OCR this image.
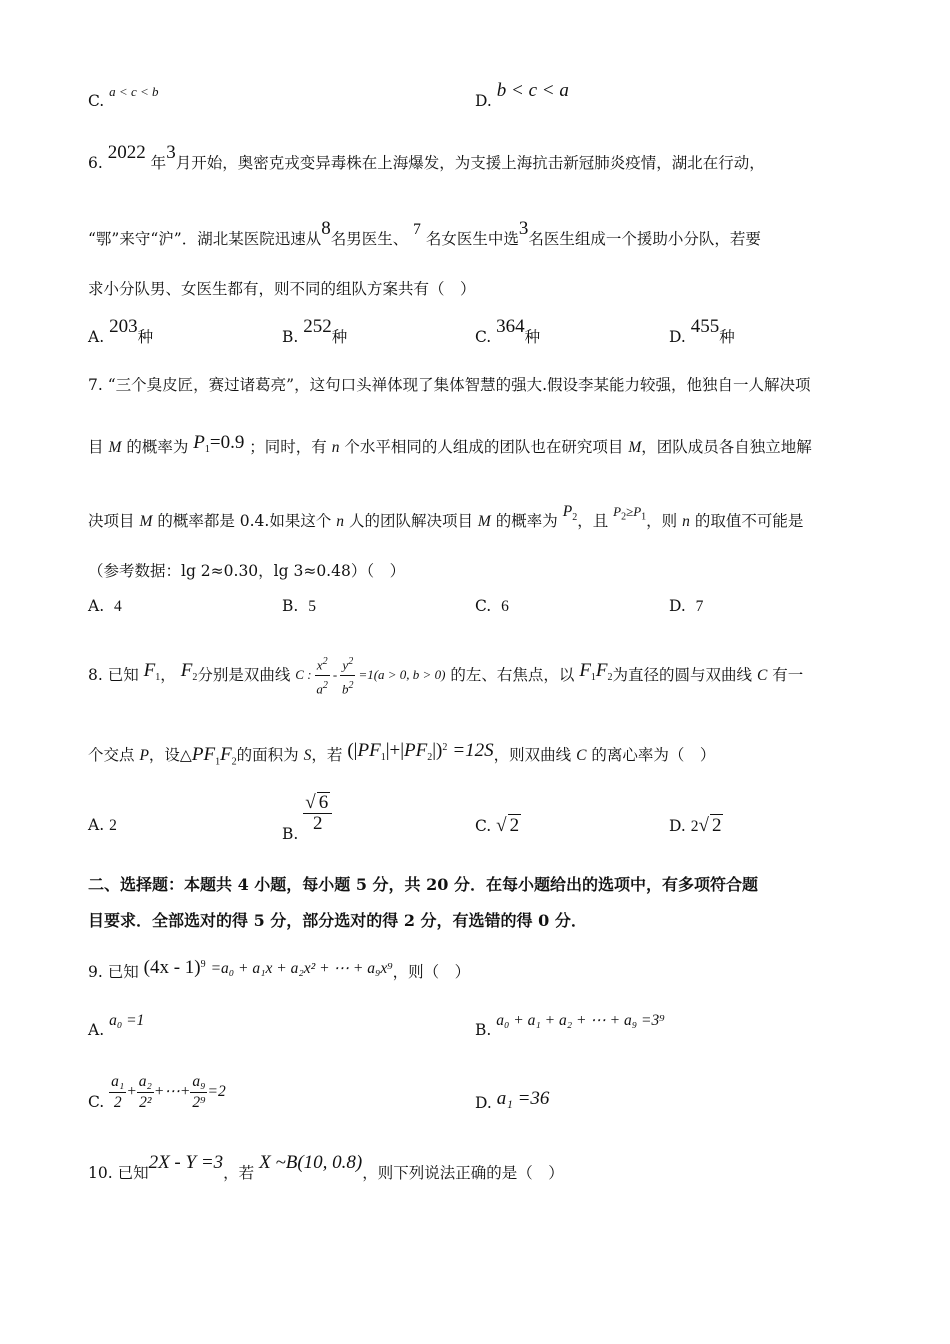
C. $^{a < c < b}$
D. b < c < a
6. 2022 年3月开始，奥密克戎变异毒株在上海爆发，为支援上海抗击新冠肺炎疫情，湖北在行动，
“鄂”来守“沪”．湖北某医院迅速从8名男医生、 7 名女医生中选3名医生组成一个援助小分队，若要
求小分队男、女医生都有，则不同的组队方案共有（　）
A. 203种	B. 252种	C. 364种	D. 455种
7. “三个臭皮匠，赛过诸葛亮”，这句口头禅体现了集体智慧的强大.假设李某能力较强，他独自一人解决项
目 M 的概率为 $P_1=0.9$ ；同时，有 n 个水平相同的人组成的团队也在研究项目 M，团队成员各自独立地解
决项目 M 的概率都是 0.4.如果这个 n 人的团队解决项目 M 的概率为 $P_2$，且 $^{P_2\ge P_1}$，则 n 的取值不可能是
（参考数据：lg 2≈0.30，lg 3≈0.48）（　）
A. 4	B. 5	C. 6	D. 7
8. 已知 $F_1$， $F_2$分别是双曲线 C : $\frac{x^2}{a^2} - \frac{y^2}{b^2} =1(a > 0$, b > 0) 的左、右焦点，以 $F_1F_2$为直径的圆与双曲线 C 有一
个交点 P，设$\triangle PF_1F_2$的面积为 S，若 $(|PF_1|+|PF_2|)^2 =12S$，则双曲线 C 的离心率为（　）
A. 2	B. $\frac{√ 6}{2}$	C. √ 2	D. 2√ 2
二、选择题：本题共 4 小题，每小题 5 分，共 20 分．在每小题给出的选项中，有多项符合题
目要求．全部选对的得 5 分，部分选对的得 2 分，有选错的得 0 分．
9. 已知 (4x - 1)$^9$ =a₀ + a₁x + a₂x² + ⋯ + a₉x⁹，则（　）
A. a₀ =1
B. a₀ + a₁ + a₂ + ⋯ + a₉ =3⁹
C. $\frac{\text{a₁}}{2} + \frac{\text{a₂}}{\text{2²}}$ +⋯+ $\frac{\text{a₉}}{\text{2⁹}} =2$
D. a₁ =36
10. 已知2X - Y =3，若 X ~B(10, 0.8)，则下列说法正确的是（　）
